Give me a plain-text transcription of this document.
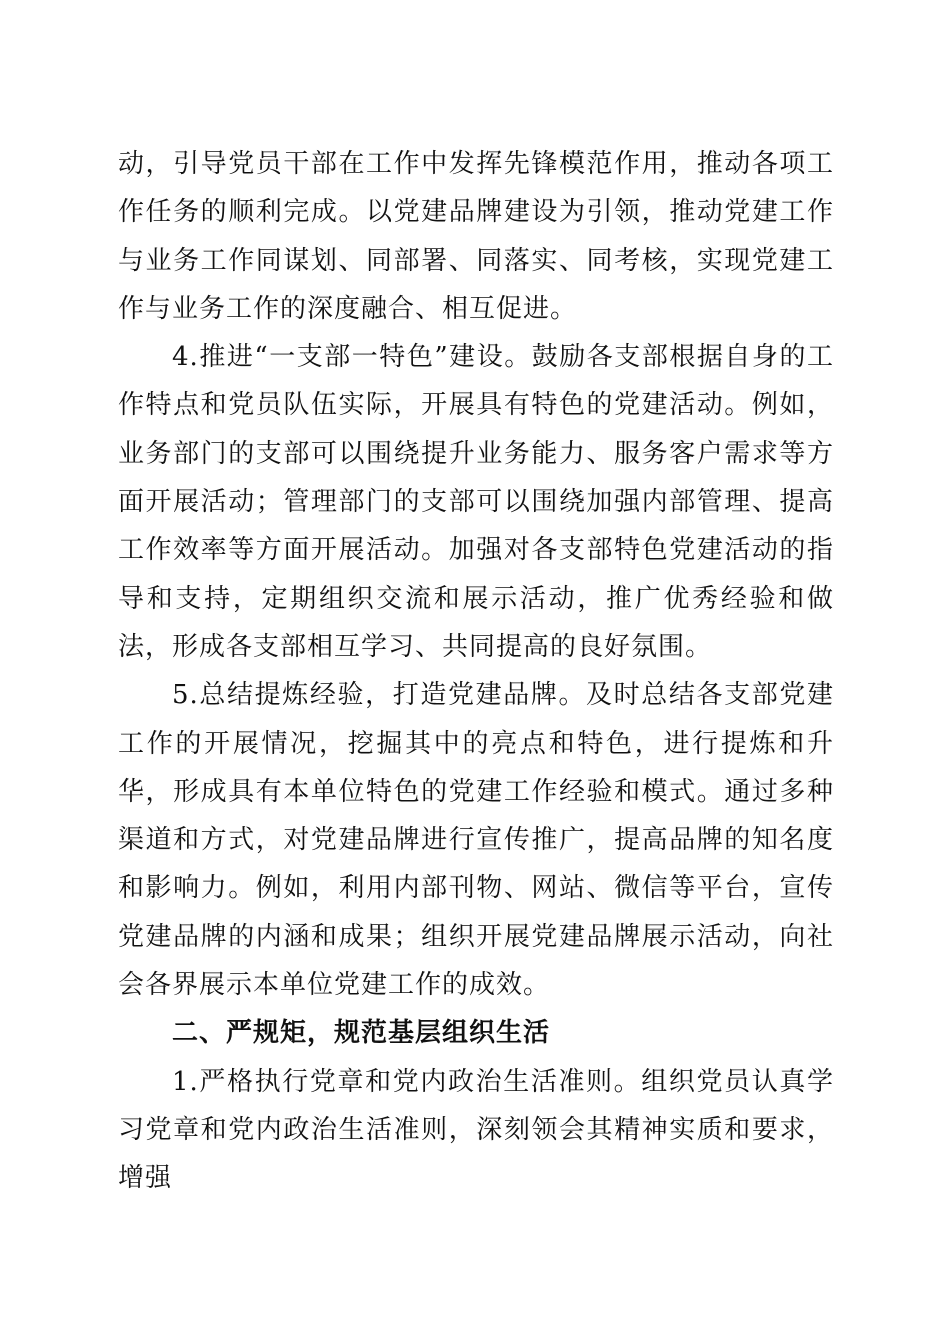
动，引导党员干部在工作中发挥先锋模范作用，推动各项工作任务的顺利完成。以党建品牌建设为引领，推动党建工作与业务工作同谋划、同部署、同落实、同考核，实现党建工作与业务工作的深度融合、相互促进。

4.推进“一支部一特色”建设。鼓励各支部根据自身的工作特点和党员队伍实际，开展具有特色的党建活动。例如，业务部门的支部可以围绕提升业务能力、服务客户需求等方面开展活动；管理部门的支部可以围绕加强内部管理、提高工作效率等方面开展活动。加强对各支部特色党建活动的指导和支持，定期组织交流和展示活动，推广优秀经验和做法，形成各支部相互学习、共同提高的良好氛围。

5.总结提炼经验，打造党建品牌。及时总结各支部党建工作的开展情况，挖掘其中的亮点和特色，进行提炼和升华，形成具有本单位特色的党建工作经验和模式。通过多种渠道和方式，对党建品牌进行宣传推广，提高品牌的知名度和影响力。例如，利用内部刊物、网站、微信等平台，宣传党建品牌的内涵和成果；组织开展党建品牌展示活动，向社会各界展示本单位党建工作的成效。

二、严规矩，规范基层组织生活

1.严格执行党章和党内政治生活准则。组织党员认真学习党章和党内政治生活准则，深刻领会其精神实质和要求，增强
